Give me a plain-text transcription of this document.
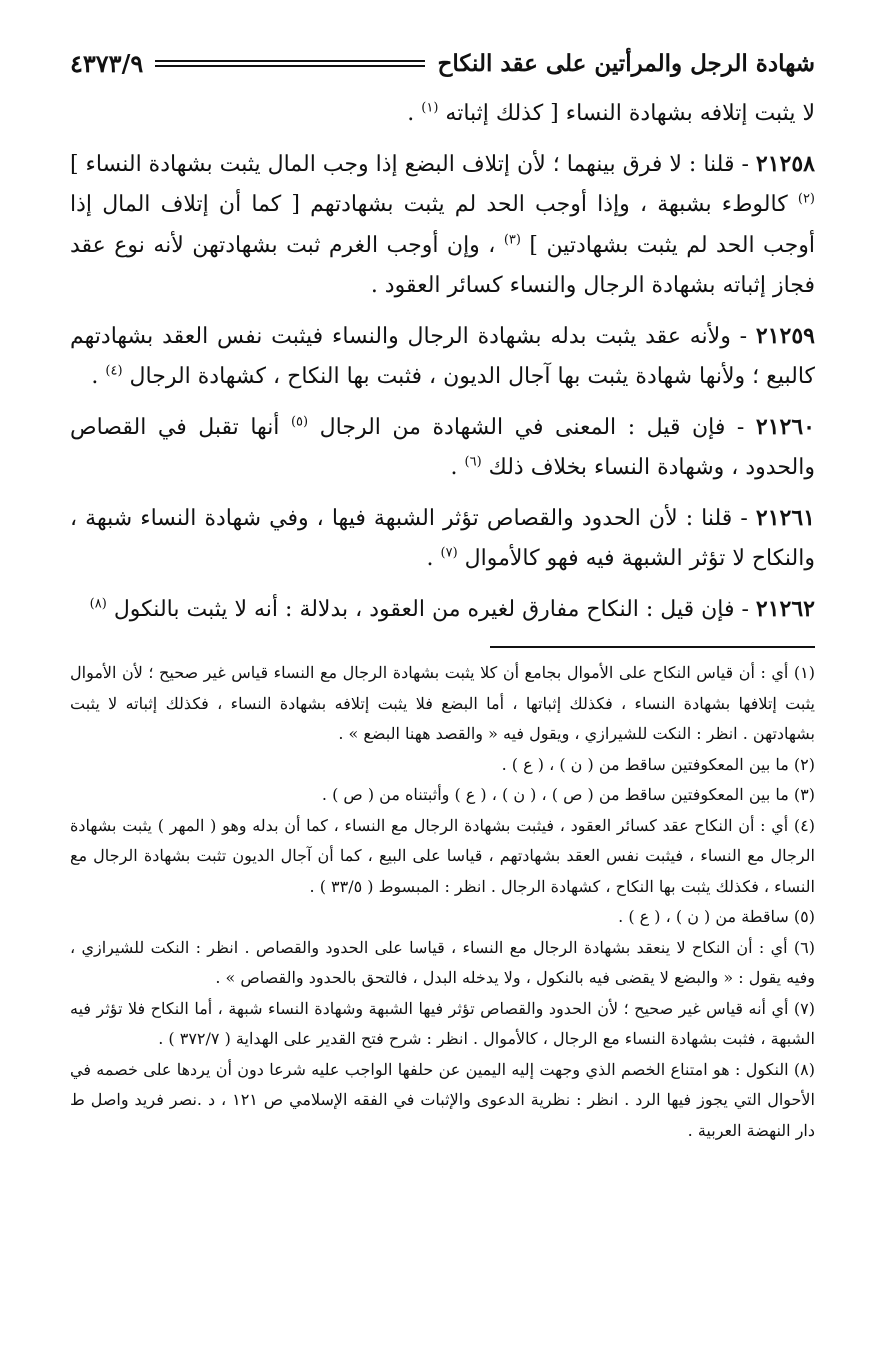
شهادة الرجل والمرأتين على عقد النكاح
٤٣٧٣/٩

لا يثبت إتلافه بشهادة النساء [ كذلك إثباته $^{(١)}$ .

٢١٢٥٨ - قلنا : لا فرق بينهما ؛ لأن إتلاف البضع إذا وجب المال يثبت بشهادة النساء ] $^{(٢)}$ كالوطء بشبهة ، وإذا أوجب الحد لم يثبت بشهادتهم [ كما أن إتلاف المال إذا أوجب الحد لم يثبت بشهادتين ] $^{(٣)}$ ، وإن أوجب الغرم ثبت بشهادتهن لأنه نوع عقد فجاز إثباته بشهادة الرجال والنساء كسائر العقود .

٢١٢٥٩ - ولأنه عقد يثبت بدله بشهادة الرجال والنساء فيثبت نفس العقد بشهادتهم كالبيع ؛ ولأنها شهادة يثبت بها آجال الديون ، فثبت بها النكاح ، كشهادة الرجال $^{(٤)}$ .

٢١٢٦٠ - فإن قيل : المعنى في الشهادة من الرجال $^{(٥)}$ أنها تقبل في القصاص والحدود ، وشهادة النساء بخلاف ذلك $^{(٦)}$ .

٢١٢٦١ - قلنا : لأن الحدود والقصاص تؤثر الشبهة فيها ، وفي شهادة النساء شبهة ، والنكاح لا تؤثر الشبهة فيه فهو كالأموال $^{(٧)}$ .

٢١٢٦٢ - فإن قيل : النكاح مفارق لغيره من العقود ، بدلالة : أنه لا يثبت بالنكول $^{(٨)}$

(١) أي : أن قياس النكاح على الأموال بجامع أن كلا يثبت بشهادة الرجال مع النساء قياس غير صحيح ؛ لأن الأموال يثبت إتلافها بشهادة النساء ، فكذلك إثباتها ، أما البضع فلا يثبت إتلافه بشهادة النساء ، فكذلك إثباته لا يثبت بشهادتهن . انظر : النكت للشيرازي ، ويقول فيه « والقصد ههنا البضع » .

(٢) ما بين المعكوفتين ساقط من ( ن ) ، ( ع ) .

(٣) ما بين المعكوفتين ساقط من ( ص ) ، ( ن ) ، ( ع ) وأثبتناه من ( ص ) .

(٤) أي : أن النكاح عقد كسائر العقود ، فيثبت بشهادة الرجال مع النساء ، كما أن بدله وهو ( المهر ) يثبت بشهادة الرجال مع النساء ، فيثبت نفس العقد بشهادتهم ، قياسا على البيع ، كما أن آجال الديون تثبت بشهادة الرجال مع النساء ، فكذلك يثبت بها النكاح ، كشهادة الرجال . انظر : المبسوط ( ٣٣/٥ ) .

(٥) ساقطة من ( ن ) ، ( ع ) .

(٦) أي : أن النكاح لا ينعقد بشهادة الرجال مع النساء ، قياسا على الحدود والقصاص . انظر : النكت للشيرازي ، وفيه يقول : « والبضع لا يقضى فيه بالنكول ، ولا يدخله البدل ، فالتحق بالحدود والقصاص » .

(٧) أي أنه قياس غير صحيح ؛ لأن الحدود والقصاص تؤثر فيها الشبهة وشهادة النساء شبهة ، أما النكاح فلا تؤثر فيه الشبهة ، فثبت بشهادة النساء مع الرجال ، كالأموال . انظر : شرح فتح القدير على الهداية ( ٣٧٢/٧ ) .

(٨) النكول : هو امتناع الخصم الذي وجهت إليه اليمين عن حلفها الواجب عليه شرعا دون أن يردها على خصمه في الأحوال التي يجوز فيها الرد . انظر : نظرية الدعوى والإثبات في الفقه الإسلامي ص ١٢١ ، د .نصر فريد واصل ط دار النهضة العربية .
